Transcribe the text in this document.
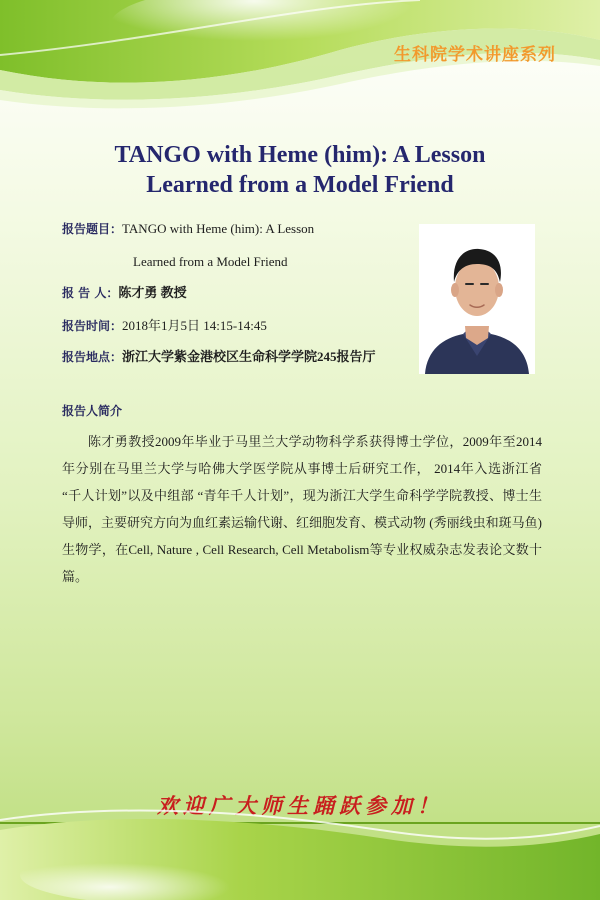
生科院学术讲座系列

TANGO with Heme (him): A Lesson
Learned from a Model Friend
报告题目：TANGO with Heme (him): A Lesson
Learned from a Model Friend
报 告 人：陈才勇 教授
报告时间：2018年1月5日 14:15-14:45
报告地点：浙江大学紫金港校区生命科学学院245报告厅

报告人简介

陈才勇教授2009年毕业于马里兰大学动物科学系获得博士学位，2009年至2014年分别在马里兰大学与哈佛大学医学院从事博士后研究工作， 2014年入选浙江省 “千人计划”以及中组部 “青年千人计划”，现为浙江大学生命科学学院教授、博士生导师，主要研究方向为血红素运输代谢、红细胞发育、模式动物 (秀丽线虫和斑马鱼) 生物学，在Cell, Nature , Cell Research, Cell Metabolism等专业权威杂志发表论文数十篇。

欢迎广大师生踊跃参加！
